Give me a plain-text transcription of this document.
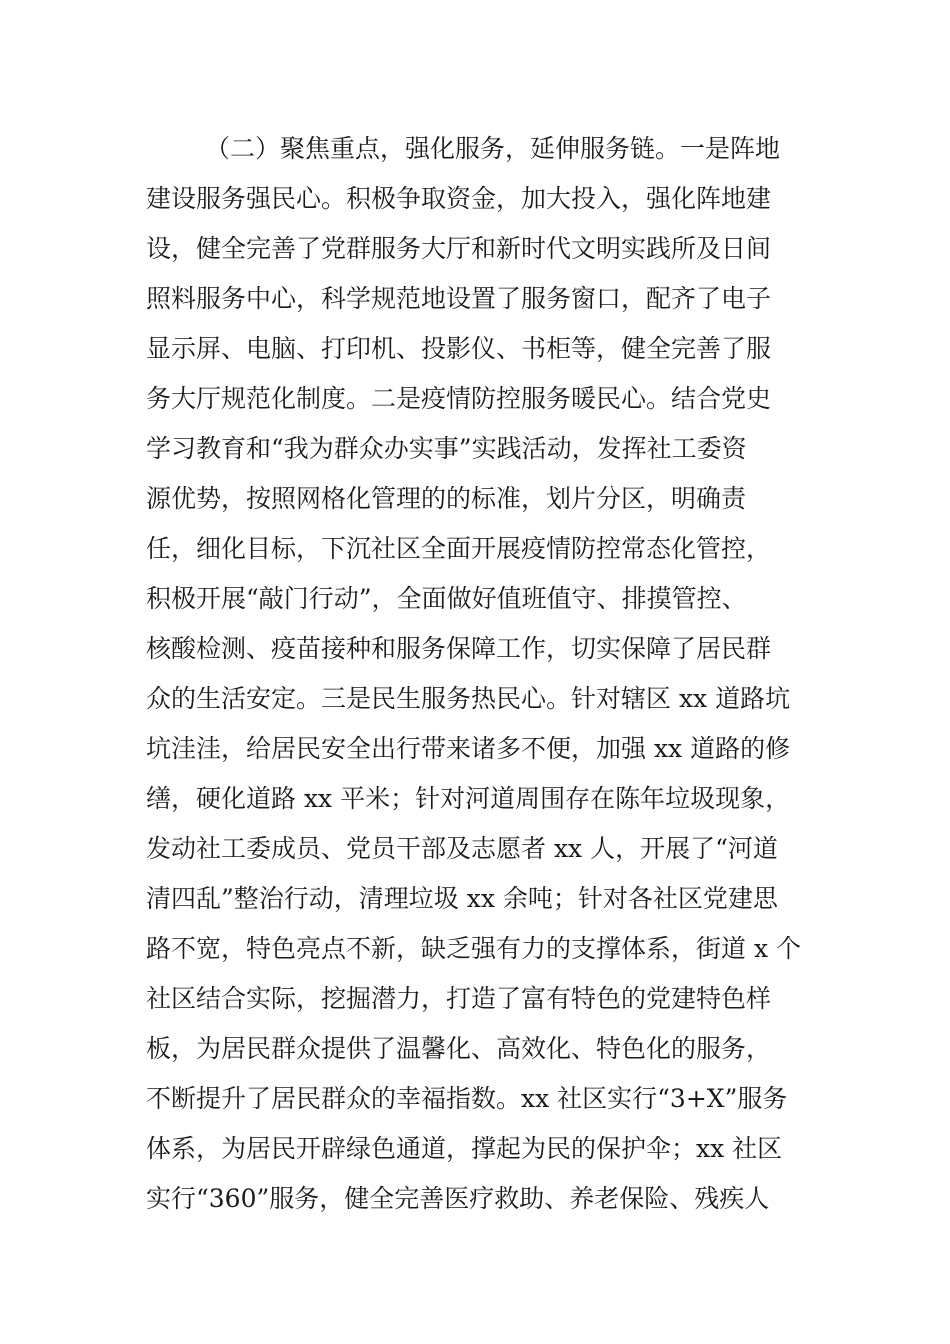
（二）聚焦重点，强化服务，延伸服务链。一是阵地
建设服务强民心。积极争取资金，加大投入，强化阵地建
设，健全完善了党群服务大厅和新时代文明实践所及日间
照料服务中心，科学规范地设置了服务窗口，配齐了电子
显示屏、电脑、打印机、投影仪、书柜等，健全完善了服
务大厅规范化制度。二是疫情防控服务暖民心。结合党史
学习教育和“我为群众办实事”实践活动，发挥社工委资
源优势，按照网格化管理的的标准，划片分区，明确责
任，细化目标，下沉社区全面开展疫情防控常态化管控，
积极开展“敲门行动”，全面做好值班值守、排摸管控、
核酸检测、疫苗接种和服务保障工作，切实保障了居民群
众的生活安定。三是民生服务热民心。针对辖区 xx 道路坑
坑洼洼，给居民安全出行带来诸多不便，加强 xx 道路的修
缮，硬化道路 xx 平米；针对河道周围存在陈年垃圾现象，
发动社工委成员、党员干部及志愿者 xx 人，开展了“河道
清四乱”整治行动，清理垃圾 xx 余吨；针对各社区党建思
路不宽，特色亮点不新，缺乏强有力的支撑体系，街道 x 个
社区结合实际，挖掘潜力，打造了富有特色的党建特色样
板，为居民群众提供了温馨化、高效化、特色化的服务，
不断提升了居民群众的幸福指数。xx 社区实行“3+X”服务
体系，为居民开辟绿色通道，撑起为民的保护伞；xx 社区
实行“360”服务，健全完善医疗救助、养老保险、残疾人
